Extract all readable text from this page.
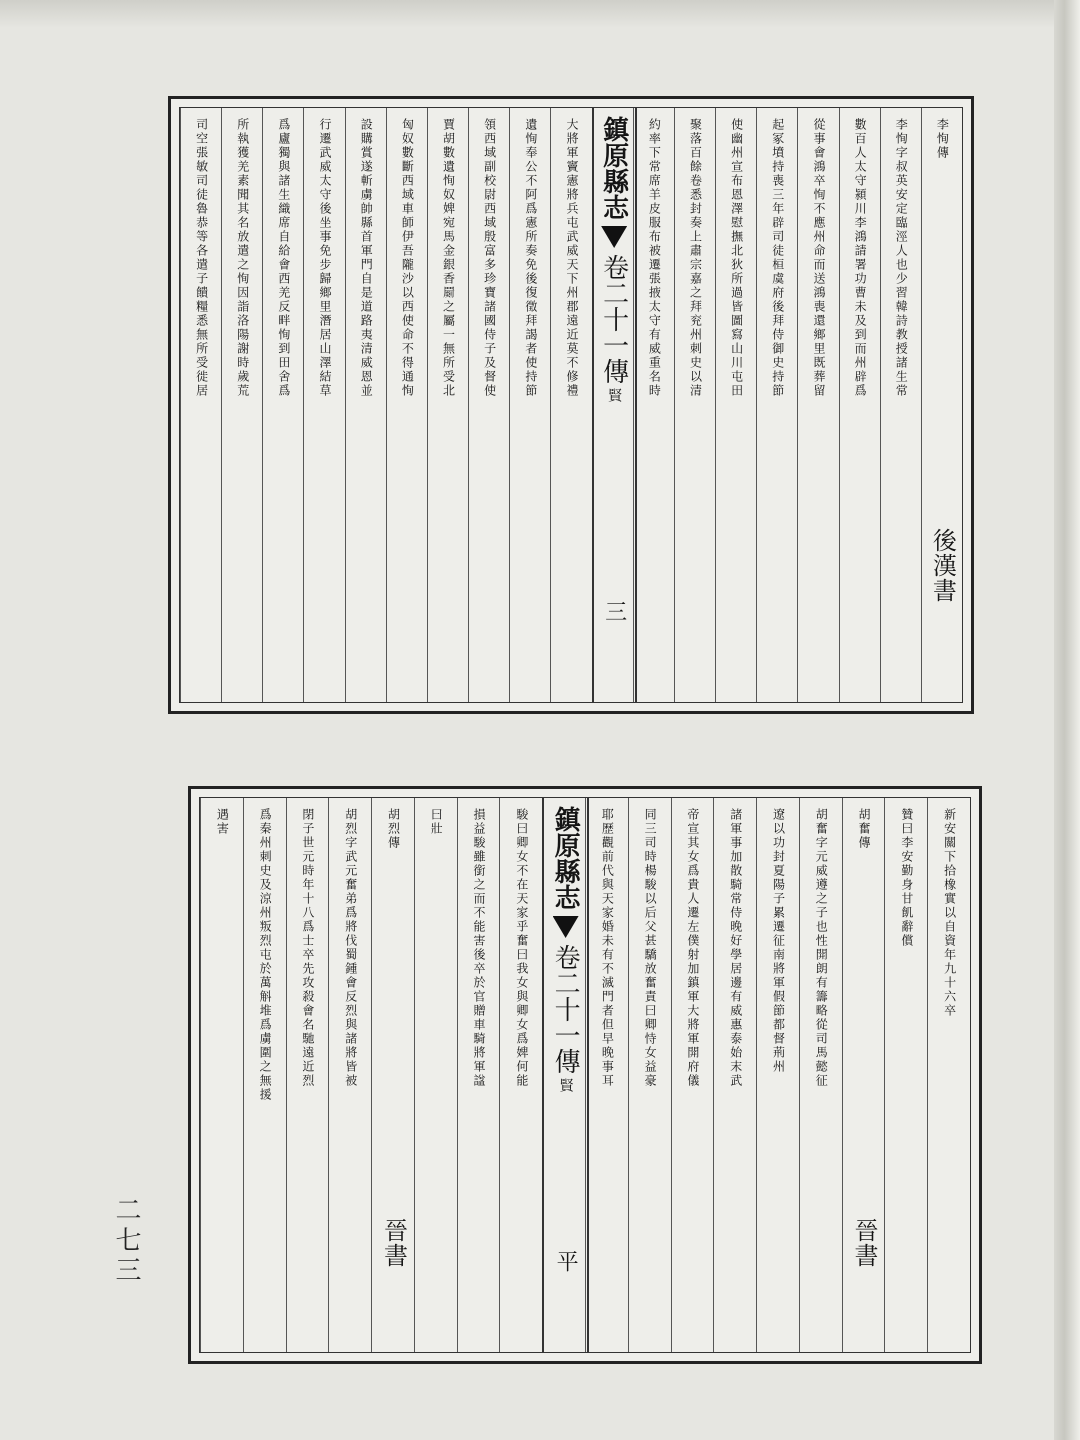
李恂傳
後漢書
李恂字叔英安定臨涇人也少習韓詩教授諸生常
數百人太守潁川李鴻請署功曹未及到而州辟爲
從事會鴻卒恂不應州命而送鴻喪還鄉里既葬留
起冢墳持喪三年辟司徒桓虞府後拜侍御史持節
使幽州宣布恩澤慰撫北狄所過皆圖寫山川屯田
聚落百餘卷悉封奏上肅宗嘉之拜兖州刺史以清
約率下常席羊皮服布被遷張掖太守有威重名時
鎮原縣志
卷二十一
傳
賢
三
大將軍竇憲將兵屯武威天下州郡遠近莫不修禮
遺恂奉公不阿爲憲所奏免後復徵拜謁者使持節
領西域副校尉西域殷富多珍寶諸國侍子及督使
賈胡數遺恂奴婢宛馬金銀香罽之屬一無所受北
匈奴數斷西域車師伊吾隴沙以西使命不得通恂
設購賞遂斬虜帥縣首軍門自是道路夷清威恩並
行遷武威太守後坐事免步歸鄉里潛居山澤結草
爲廬獨與諸生織席自給會西羌反畔恂到田舍爲
所執獲羌素聞其名放遣之恂因詣洛陽謝時歲荒
司空張敏司徒魯恭等各遣子饋糧悉無所受徙居
新安關下拾橡實以自資年九十六卒
贊曰李安勤身甘飢辭償
胡奮傳
晉書
胡奮字元威遵之子也性開朗有籌略從司馬懿征
遼以功封夏陽子累遷征南將軍假節都督荊州
諸軍事加散騎常侍晚好學居邊有威惠泰始末武
帝宣其女爲貴人遷左僕射加鎮軍大將軍開府儀
同三司時楊駿以后父甚驕放奮責曰卿恃女益豪
耶歷觀前代與天家婚未有不滅門者但早晚事耳
鎮原縣志
卷二十一
傳
賢
平
駿曰卿女不在天家乎奮曰我女與卿女爲婢何能
損益駿雖銜之而不能害後卒於官贈車騎將軍諡
曰壯
胡烈傳
晉書
胡烈字武元奮弟爲將伐蜀鍾會反烈與諸將皆被
閉子世元時年十八爲士卒先攻殺會名馳遠近烈
爲秦州刺史及涼州叛烈屯於萬斛堆爲虜圍之無援
遇害
二七三
